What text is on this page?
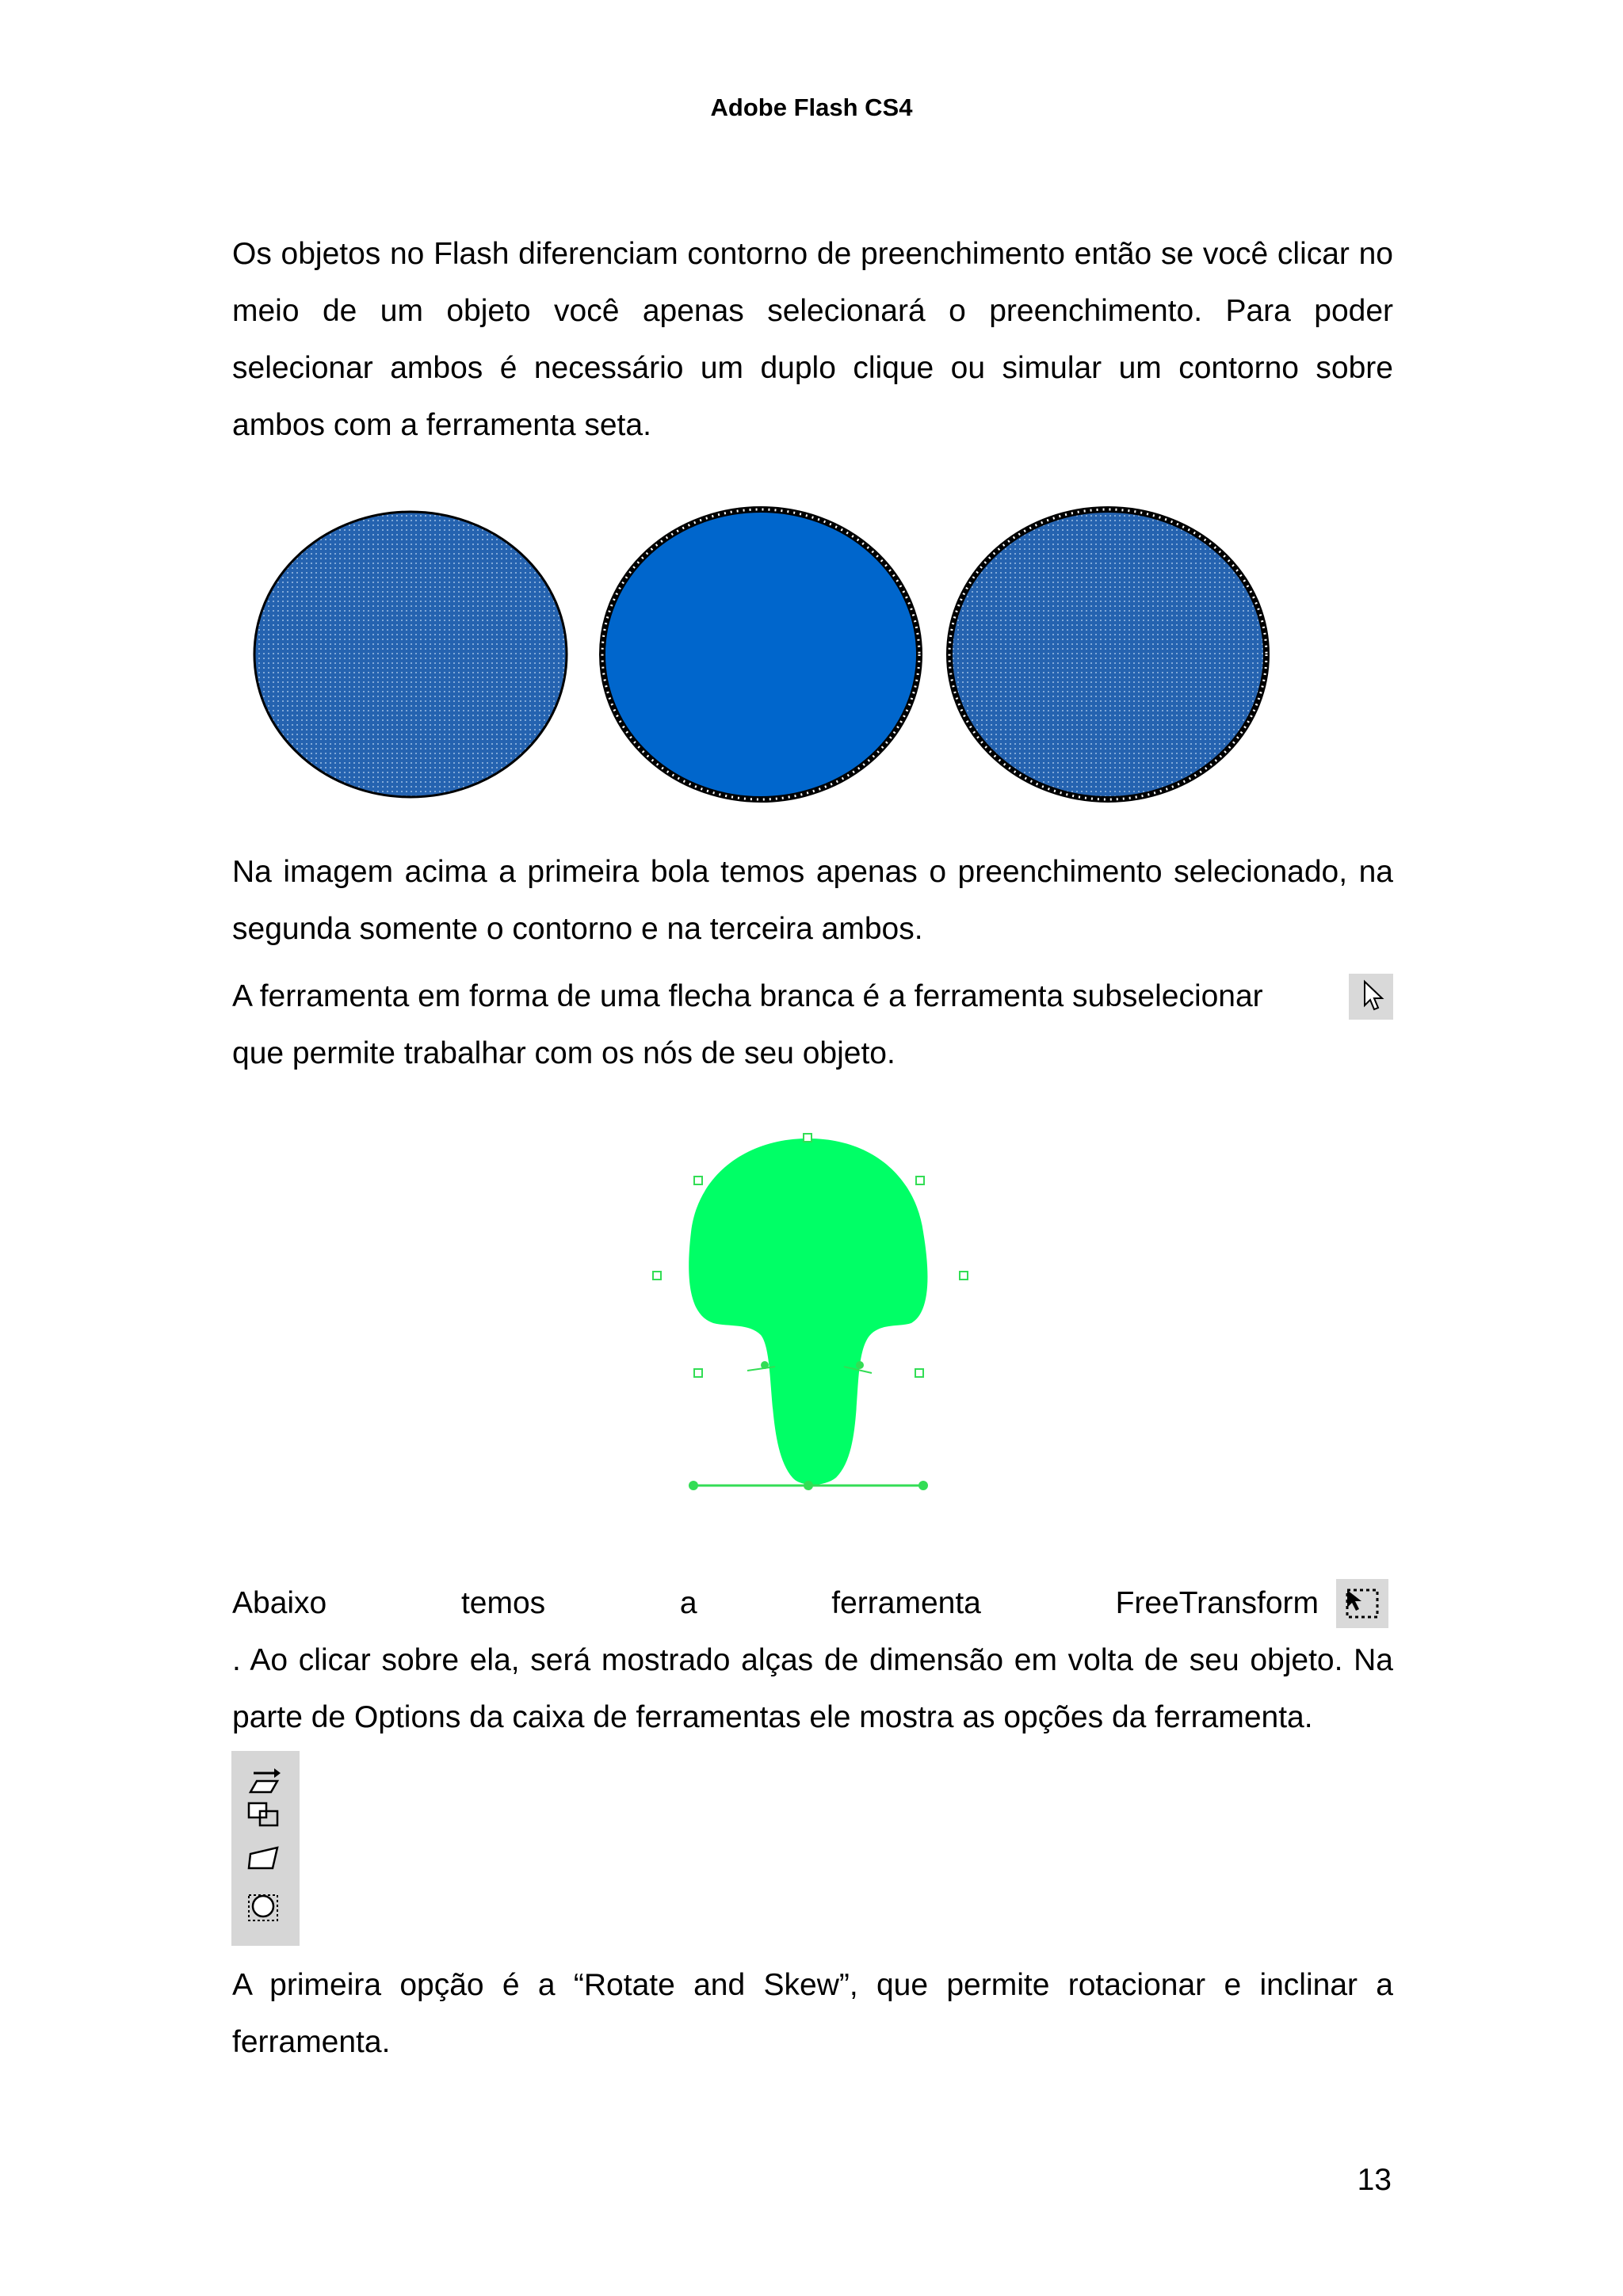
Adobe Flash CS4

Os objetos no Flash diferenciam contorno de preenchimento então se você clicar no meio de um objeto você apenas selecionará o preenchimento. Para poder selecionar ambos é necessário um duplo clique ou simular um contorno sobre ambos com a ferramenta seta.

Na imagem acima a primeira bola temos apenas o preenchimento selecionado, na segunda somente o contorno e na terceira ambos.

A ferramenta em forma de uma flecha branca é a ferramenta subselecionar
que permite trabalhar com os nós de seu objeto.
Abaixo temos a ferramenta FreeTransform

. Ao clicar sobre ela, será mostrado alças de dimensão em volta de seu objeto. Na parte de Options da caixa de ferramentas ele mostra as opções da ferramenta.

A primeira opção é a “Rotate and Skew”, que permite rotacionar e inclinar a ferramenta.

13
